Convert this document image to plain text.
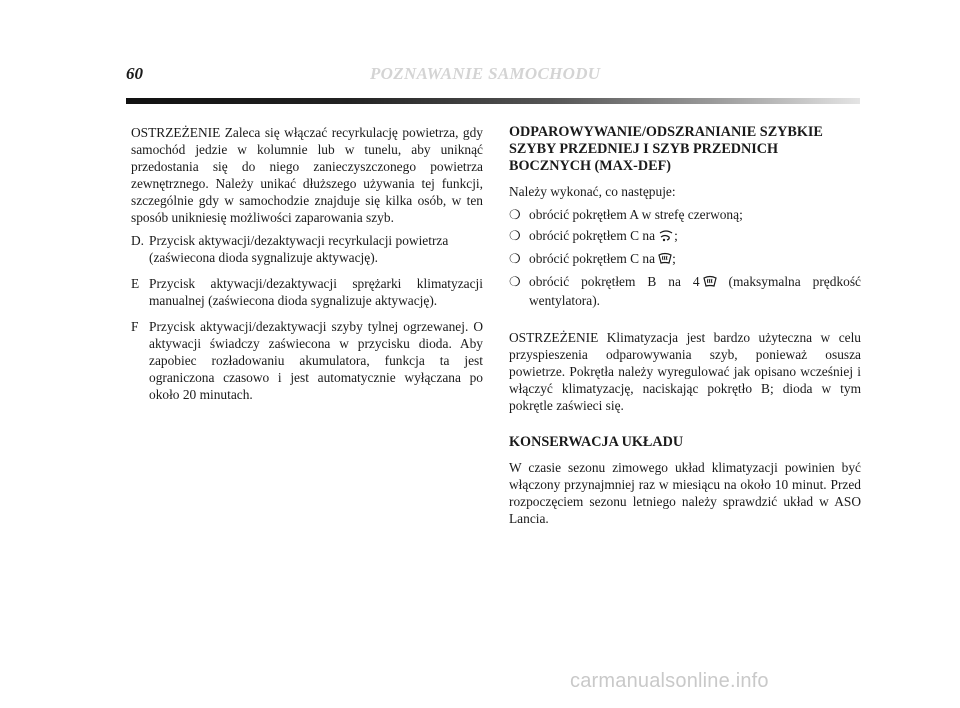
60	POZNAWANIE SAMOCHODU

OSTRZEŻENIE Zaleca się włączać recyrkulację powietrza, gdy samochód jedzie w kolumnie lub w tunelu, aby uniknąć przedostania się do niego zanieczyszczonego powietrza zewnętrznego. Należy unikać dłuższego używania tej funkcji, szczególnie gdy w samochodzie znajduje się kilka osób, w ten sposób unikniesię możliwości zaparowania szyb.

D. Przycisk aktywacji/dezaktywacji recyrkulacji powietrza (zaświecona dioda sygnalizuje aktywację).
E Przycisk aktywacji/dezaktywacji sprężarki klimatyzacji manualnej (zaświecona dioda sygnalizuje aktywację).
F Przycisk aktywacji/dezaktywacji szyby tylnej ogrzewanej. O aktywacji świadczy zaświecona w przycisku dioda. Aby zapobiec rozładowaniu akumulatora, funkcja ta jest ograniczona czasowo i jest automatycznie wyłączana po około 20 minutach.

ODPAROWYWANIE/ODSZRANIANIE SZYBKIE SZYBY PRZEDNIEJ I SZYB PRZEDNICH BOCZNYCH (MAX-DEF)

Należy wykonać, co następuje:

❍ obrócić pokrętłem A w strefę czerwoną;
❍ obrócić pokrętłem C na ;
❍ obrócić pokrętłem C na ;
❍ obrócić pokrętłem B na 4 (maksymalna prędkość wentylatora).

OSTRZEŻENIE Klimatyzacja jest bardzo użyteczna w celu przyspieszenia odparowywania szyb, ponieważ osusza powietrze. Pokrętła należy wyregulować jak opisano wcześniej i włączyć klimatyzację, naciskając pokrętło B; dioda w tym pokrętle zaświeci się.

KONSERWACJA UKŁADU

W czasie sezonu zimowego układ klimatyzacji powinien być włączony przynajmniej raz w miesiącu na około 10 minut. Przed rozpoczęciem sezonu letniego należy sprawdzić układ w ASO Lancia.

carmanualsonline.info
